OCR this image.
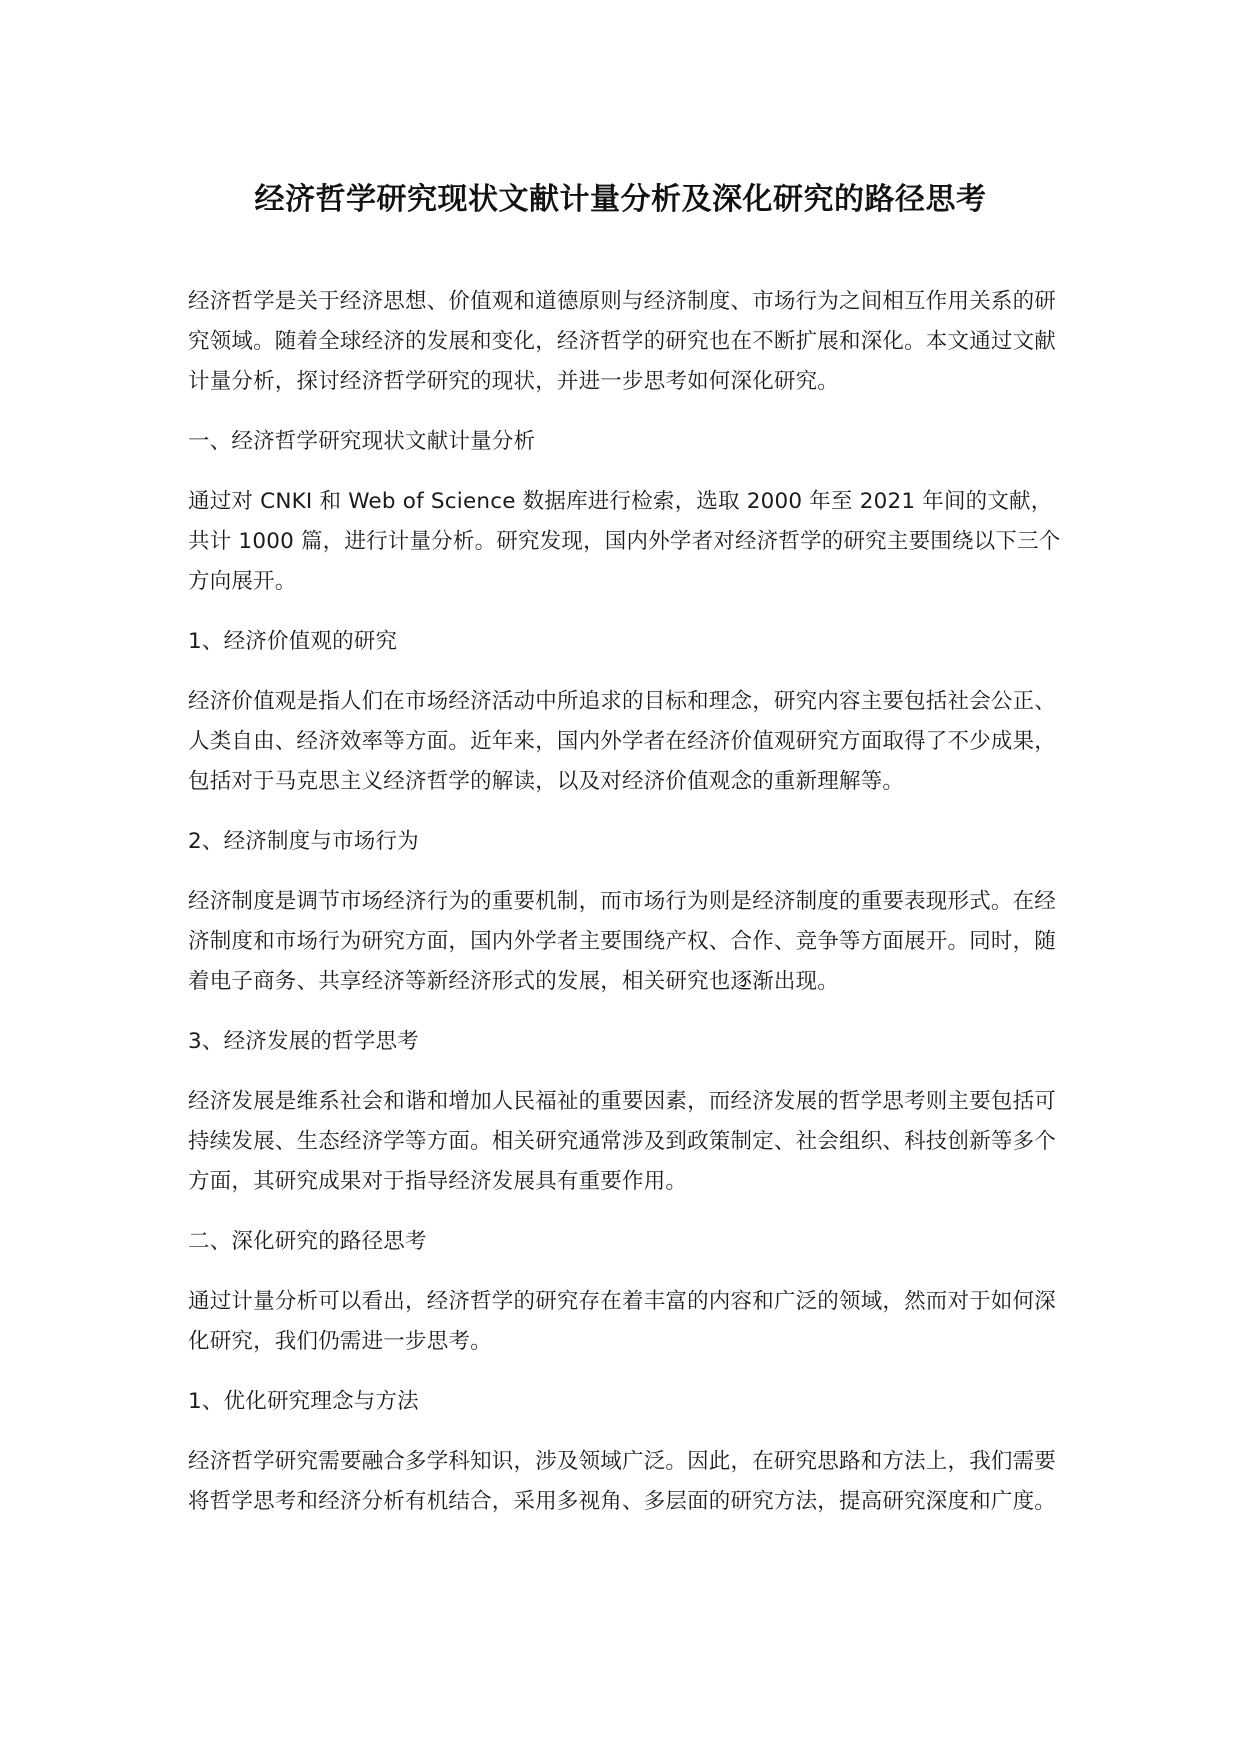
经济哲学研究现状文献计量分析及深化研究的路径思考

经济哲学是关于经济思想、价值观和道德原则与经济制度、市场行为之间相互作用关系的研究领域。随着全球经济的发展和变化，经济哲学的研究也在不断扩展和深化。本文通过文献计量分析，探讨经济哲学研究的现状，并进一步思考如何深化研究。

一、经济哲学研究现状文献计量分析

通过对 CNKI 和 Web of Science 数据库进行检索，选取 2000 年至 2021 年间的文献，共计 1000 篇，进行计量分析。研究发现，国内外学者对经济哲学的研究主要围绕以下三个方向展开。

1、经济价值观的研究

经济价值观是指人们在市场经济活动中所追求的目标和理念，研究内容主要包括社会公正、人类自由、经济效率等方面。近年来，国内外学者在经济价值观研究方面取得了不少成果，包括对于马克思主义经济哲学的解读，以及对经济价值观念的重新理解等。

2、经济制度与市场行为

经济制度是调节市场经济行为的重要机制，而市场行为则是经济制度的重要表现形式。在经济制度和市场行为研究方面，国内外学者主要围绕产权、合作、竞争等方面展开。同时，随着电子商务、共享经济等新经济形式的发展，相关研究也逐渐出现。

3、经济发展的哲学思考

经济发展是维系社会和谐和增加人民福祉的重要因素，而经济发展的哲学思考则主要包括可持续发展、生态经济学等方面。相关研究通常涉及到政策制定、社会组织、科技创新等多个方面，其研究成果对于指导经济发展具有重要作用。

二、深化研究的路径思考

通过计量分析可以看出，经济哲学的研究存在着丰富的内容和广泛的领域，然而对于如何深化研究，我们仍需进一步思考。

1、优化研究理念与方法

经济哲学研究需要融合多学科知识，涉及领域广泛。因此，在研究思路和方法上，我们需要将哲学思考和经济分析有机结合，采用多视角、多层面的研究方法，提高研究深度和广度。
